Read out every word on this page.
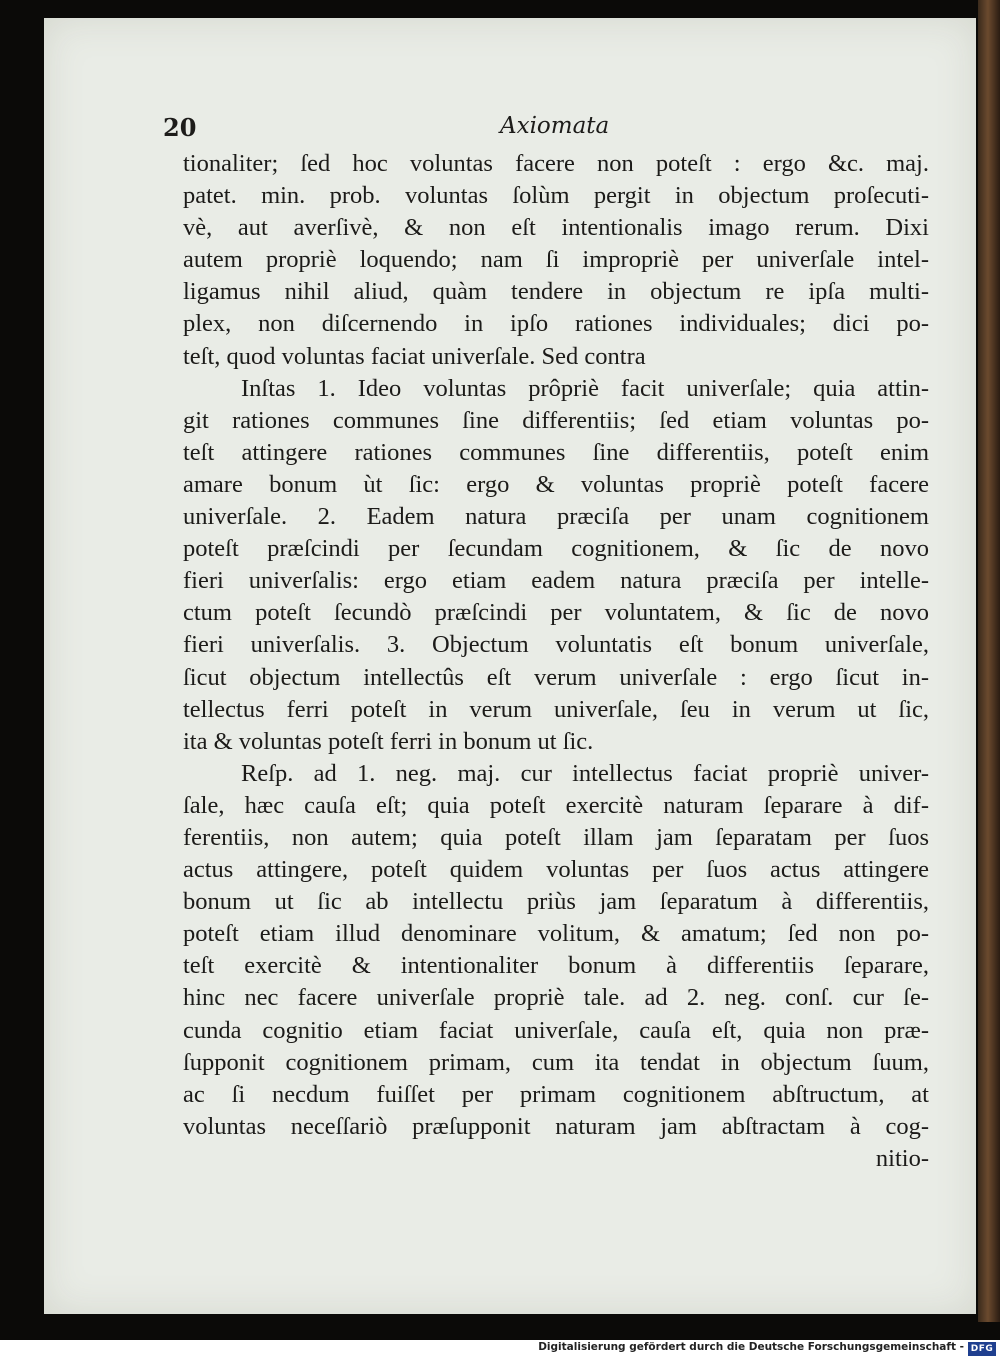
20	Axiomata
tionaliter; ſed hoc voluntas facere non poteſt : ergo &c. maj.
patet. min. prob. voluntas ſolùm pergit in objectum proſecuti-
vè, aut averſivè, & non eſt intentionalis imago rerum. Dixi
autem propriè loquendo; nam ſi impropriè per univerſale intel-
ligamus nihil aliud, quàm tendere in objectum re ipſa multi-
plex, non diſcernendo in ipſo rationes individuales; dici po-
teſt, quod voluntas faciat univerſale. Sed contra
Inſtas 1. Ideo voluntas prôpriè facit univerſale; quia attin-
git rationes communes ſine differentiis; ſed etiam voluntas po-
teſt attingere rationes communes ſine differentiis, poteſt enim
amare bonum ùt ſic: ergo & voluntas propriè poteſt facere
univerſale. 2. Eadem natura præciſa per unam cognitionem
poteſt præſcindi per ſecundam cognitionem, & ſic de novo
fieri univerſalis: ergo etiam eadem natura præciſa per intelle-
ctum poteſt ſecundò præſcindi per voluntatem, & ſic de novo
fieri univerſalis. 3. Objectum voluntatis eſt bonum univerſale,
ſicut objectum intellectûs eſt verum univerſale : ergo ſicut in-
tellectus ferri poteſt in verum univerſale, ſeu in verum ut ſic,
ita & voluntas poteſt ferri in bonum ut ſic.
Reſp. ad 1. neg. maj. cur intellectus faciat propriè univer-
ſale, hæc cauſa eſt; quia poteſt exercitè naturam ſeparare à dif-
ferentiis, non autem; quia poteſt illam jam ſeparatam per ſuos
actus attingere, poteſt quidem voluntas per ſuos actus attingere
bonum ut ſic ab intellectu priùs jam ſeparatum à differentiis,
poteſt etiam illud denominare volitum, & amatum; ſed non po-
teſt exercitè & intentionaliter bonum à differentiis ſeparare,
hinc nec facere univerſale propriè tale. ad 2. neg. conſ. cur ſe-
cunda cognitio etiam faciat univerſale, cauſa eſt, quia non præ-
ſupponit cognitionem primam, cum ita tendat in objectum ſuum,
ac ſi necdum fuiſſet per primam cognitionem abſtructum, at
voluntas neceſſariò præſupponit naturam jam abſtractam à cog-
nitio-
Digitalisierung gefördert durch die Deutsche Forschungsgemeinschaft - DFG
